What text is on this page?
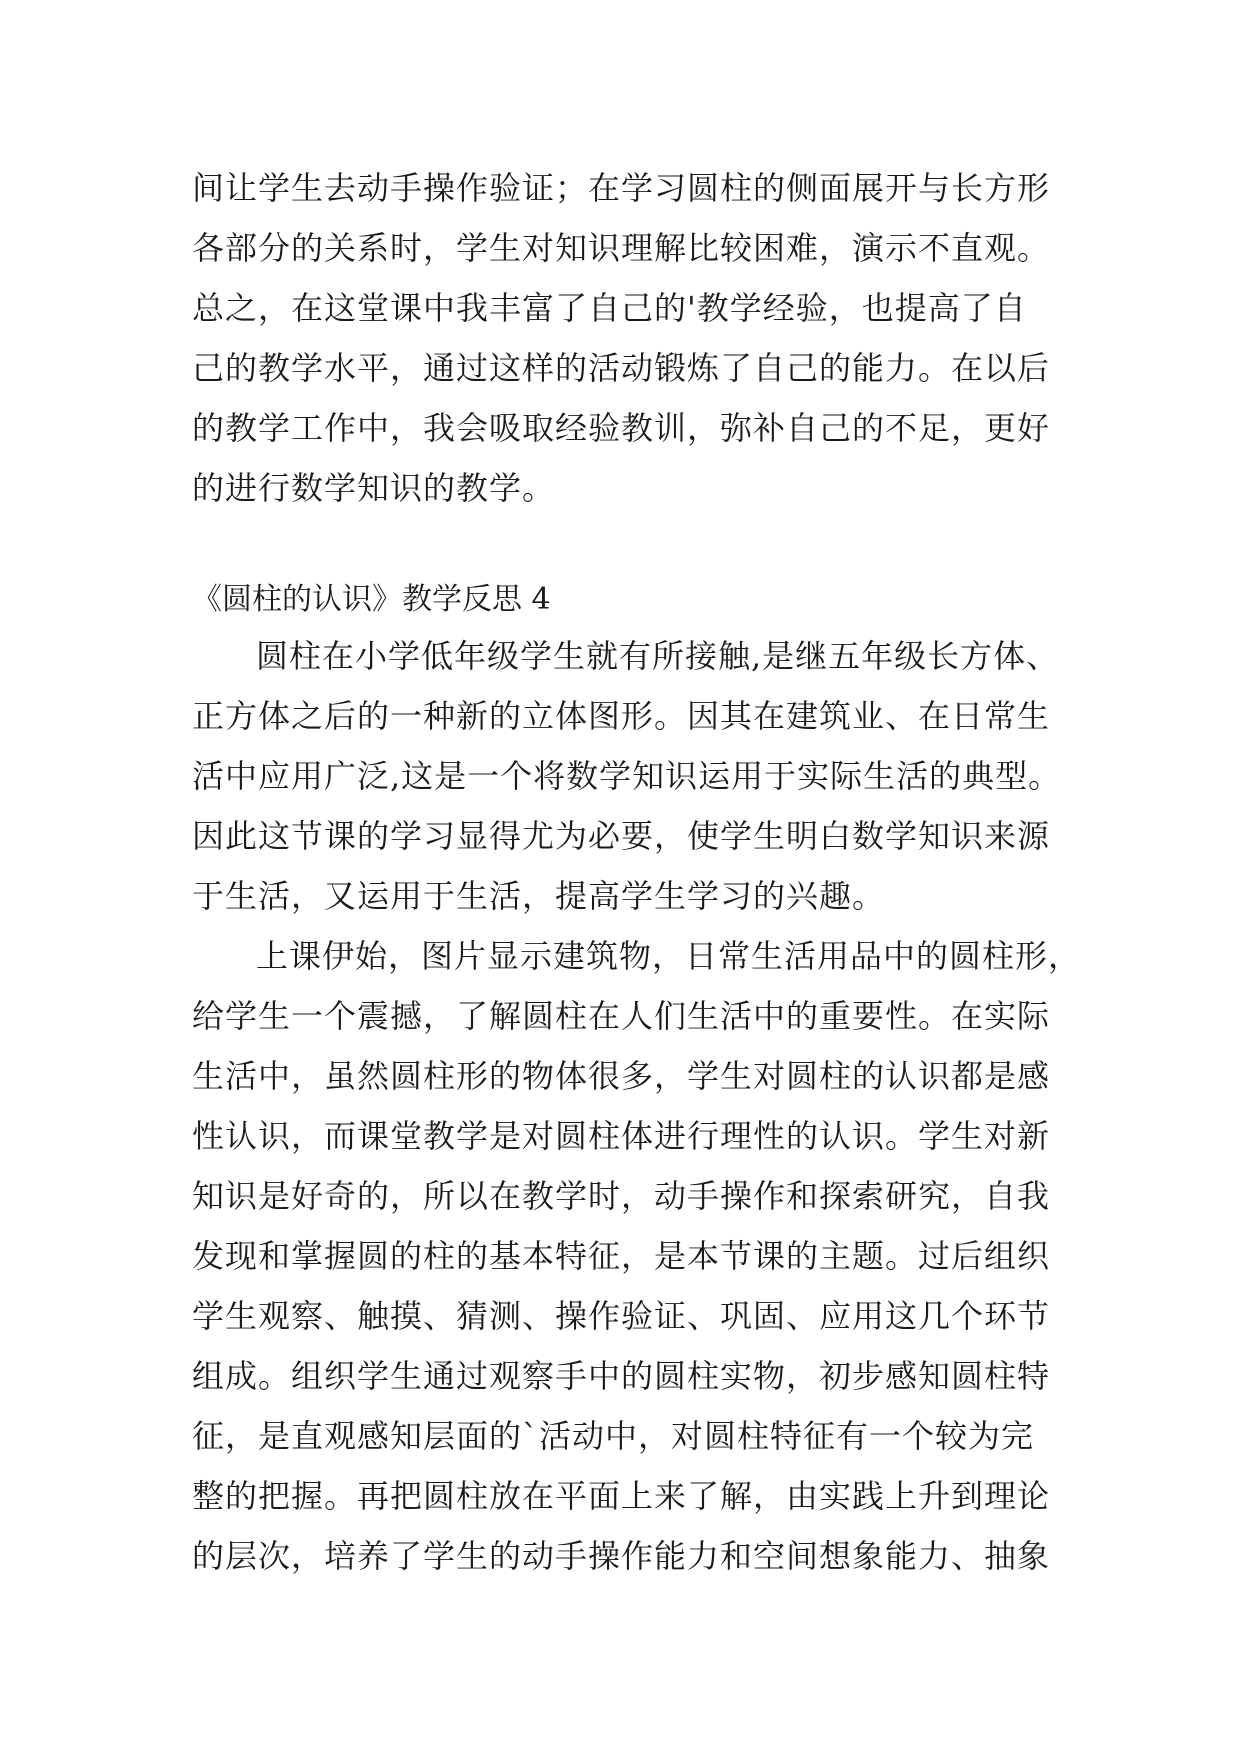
间让学生去动手操作验证；在学习圆柱的侧面展开与长方形
各部分的关系时，学生对知识理解比较困难，演示不直观。
总之，在这堂课中我丰富了自己的'教学经验，也提高了自
己的教学水平，通过这样的活动锻炼了自己的能力。在以后
的教学工作中，我会吸取经验教训，弥补自己的不足，更好
的进行数学知识的教学。
《圆柱的认识》教学反思 4
圆柱在小学低年级学生就有所接触,是继五年级长方体、
正方体之后的一种新的立体图形。因其在建筑业、在日常生
活中应用广泛,这是一个将数学知识运用于实际生活的典型。
因此这节课的学习显得尤为必要，使学生明白数学知识来源
于生活，又运用于生活，提高学生学习的兴趣。
上课伊始，图片显示建筑物，日常生活用品中的圆柱形，
给学生一个震撼，了解圆柱在人们生活中的重要性。在实际
生活中，虽然圆柱形的物体很多，学生对圆柱的认识都是感
性认识，而课堂教学是对圆柱体进行理性的认识。学生对新
知识是好奇的，所以在教学时，动手操作和探索研究，自我
发现和掌握圆的柱的基本特征，是本节课的主题。过后组织
学生观察、触摸、猜测、操作验证、巩固、应用这几个环节
组成。组织学生通过观察手中的圆柱实物，初步感知圆柱特
征，是直观感知层面的`活动中，对圆柱特征有一个较为完
整的把握。再把圆柱放在平面上来了解，由实践上升到理论
的层次，培养了学生的动手操作能力和空间想象能力、抽象
